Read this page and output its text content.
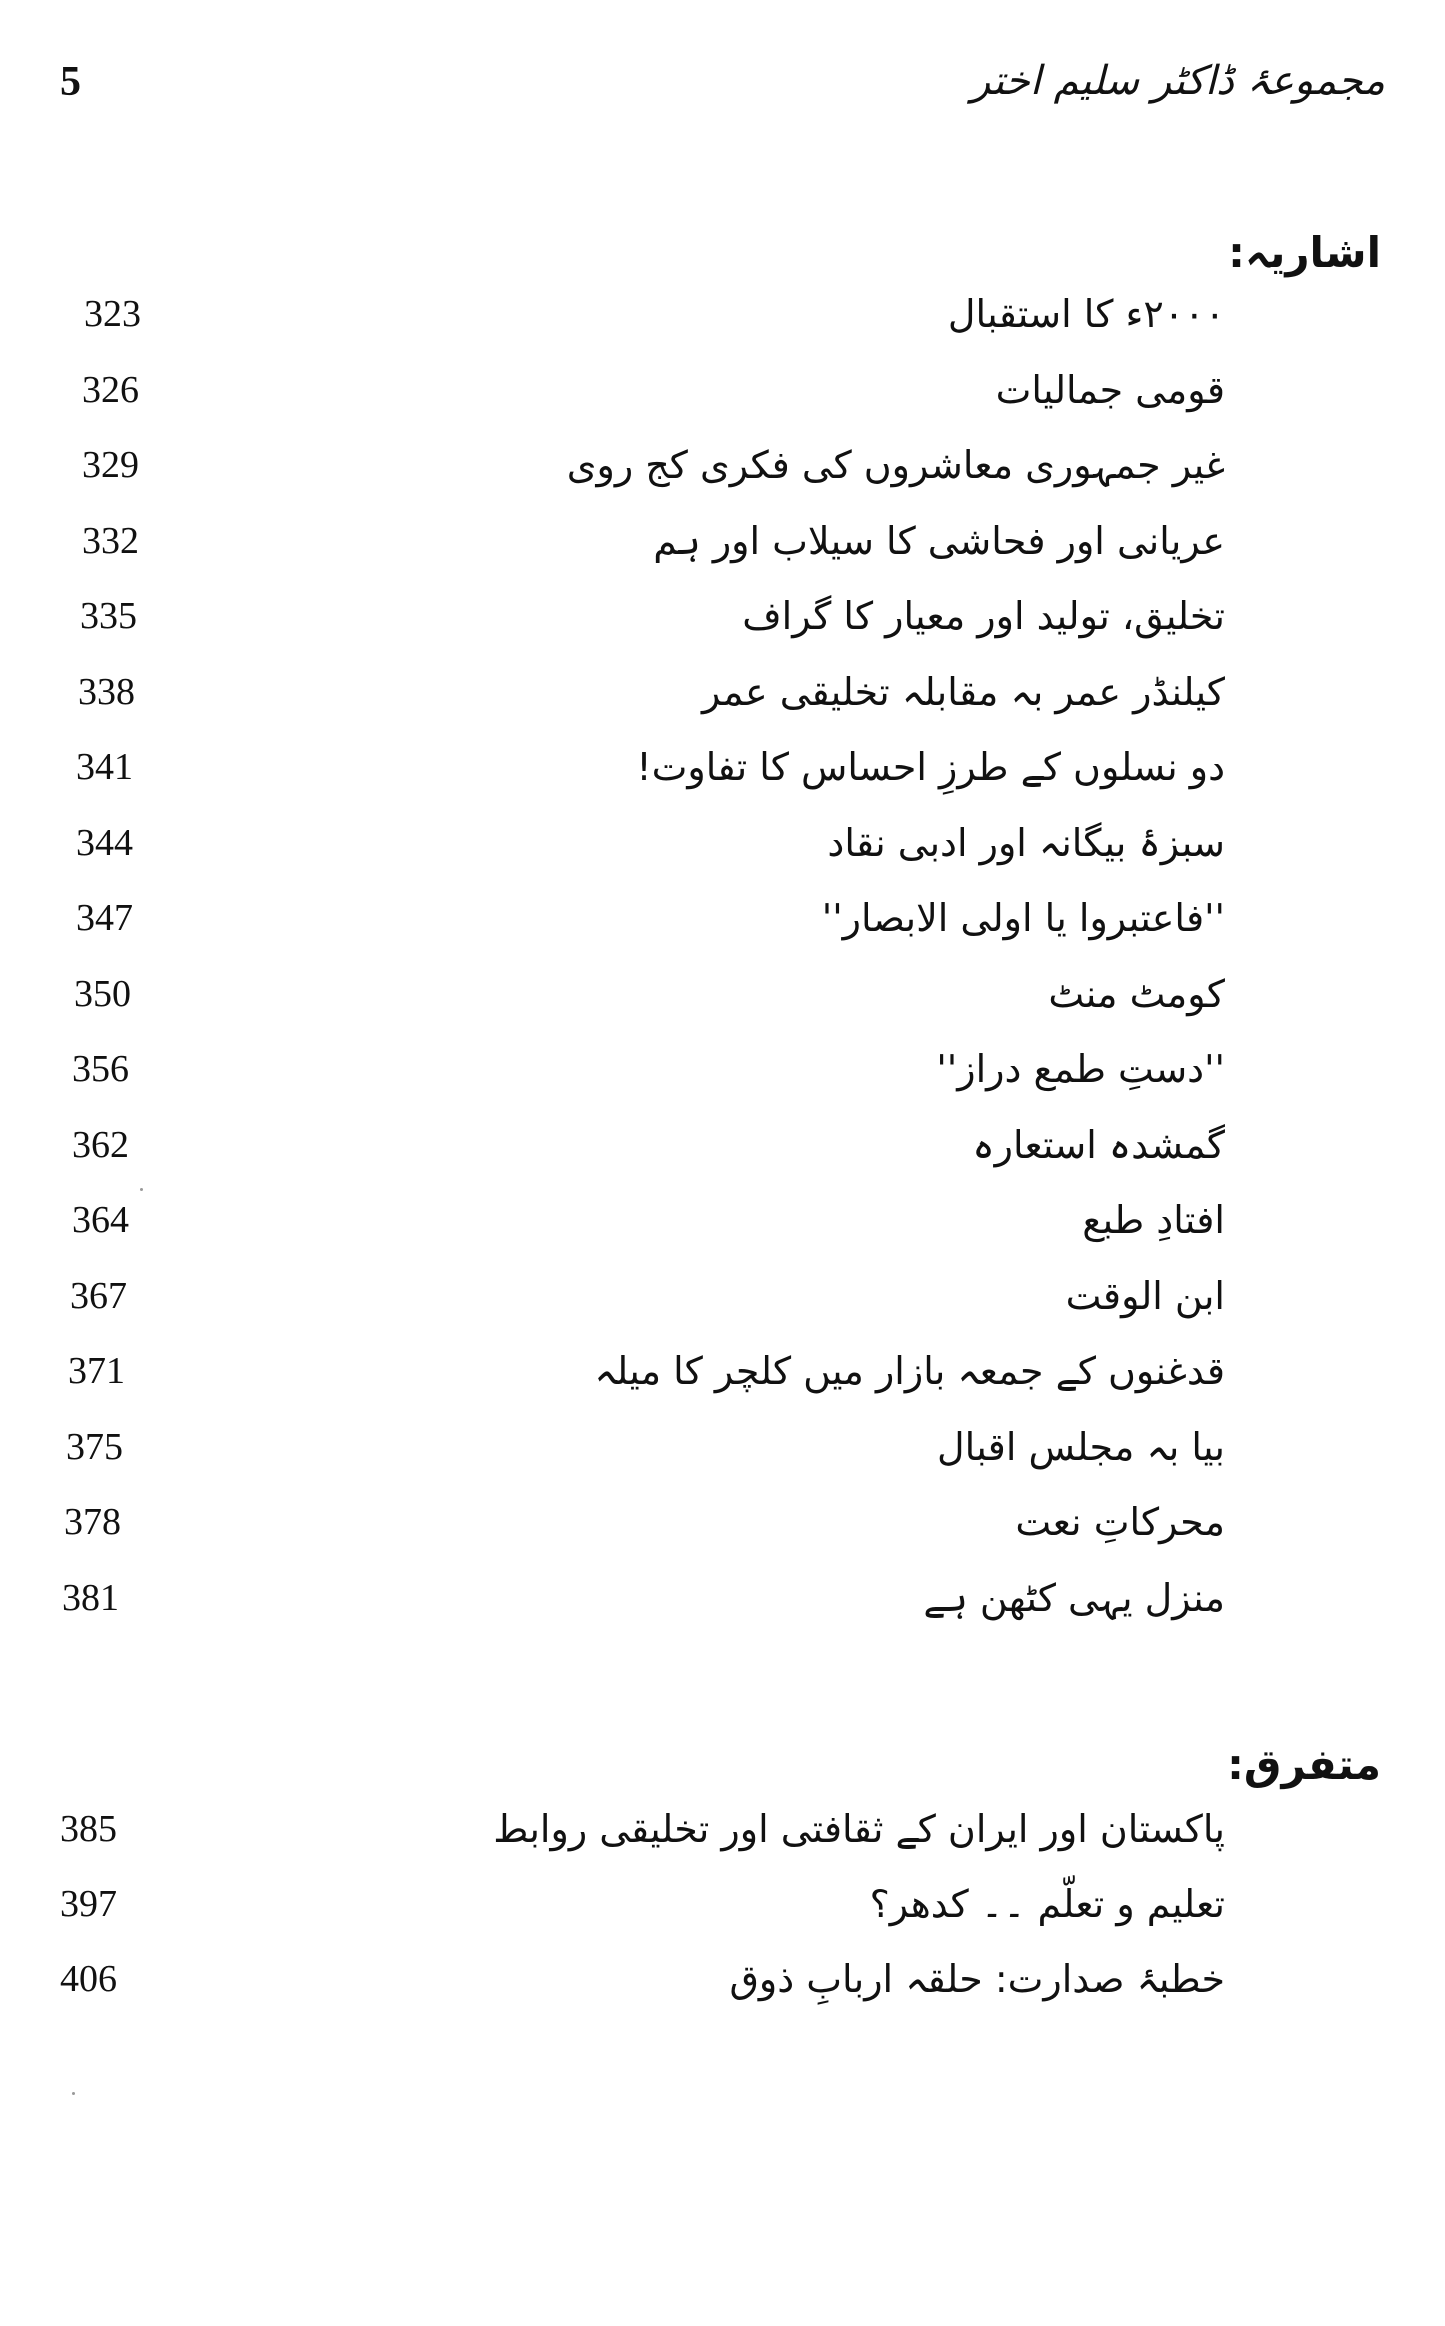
5	مجموعۂ ڈاکٹر سلیم اختر
اشاریہ:
323	۲۰۰۰ء کا استقبال
326	قومی جمالیات
329	غیر جمہوری معاشروں کی فکری کج روی
332	عریانی اور فحاشی کا سیلاب اور ہم
335	تخلیق، تولید اور معیار کا گراف
338	کیلنڈر عمر بہ مقابلہ تخلیقی عمر
341	دو نسلوں کے طرزِ احساس کا تفاوت!
344	سبزۂ بیگانہ اور ادبی نقاد
347	''فاعتبروا یا اولی الابصار''
350	کومٹ منٹ
356	''دستِ طمع دراز''
362	گمشدہ استعارہ
364	افتادِ طبع
367	ابن الوقت
371	قدغنوں کے جمعہ بازار میں کلچر کا میلہ
375	بیا بہ مجلس اقبال
378	محرکاتِ نعت
381	منزل یہی کٹھن ہے
متفرق:
385	پاکستان اور ایران کے ثقافتی اور تخلیقی روابط
397	تعلیم و تعلّم ۔۔ کدھر؟
406	خطبۂ صدارت: حلقہ اربابِ ذوق
